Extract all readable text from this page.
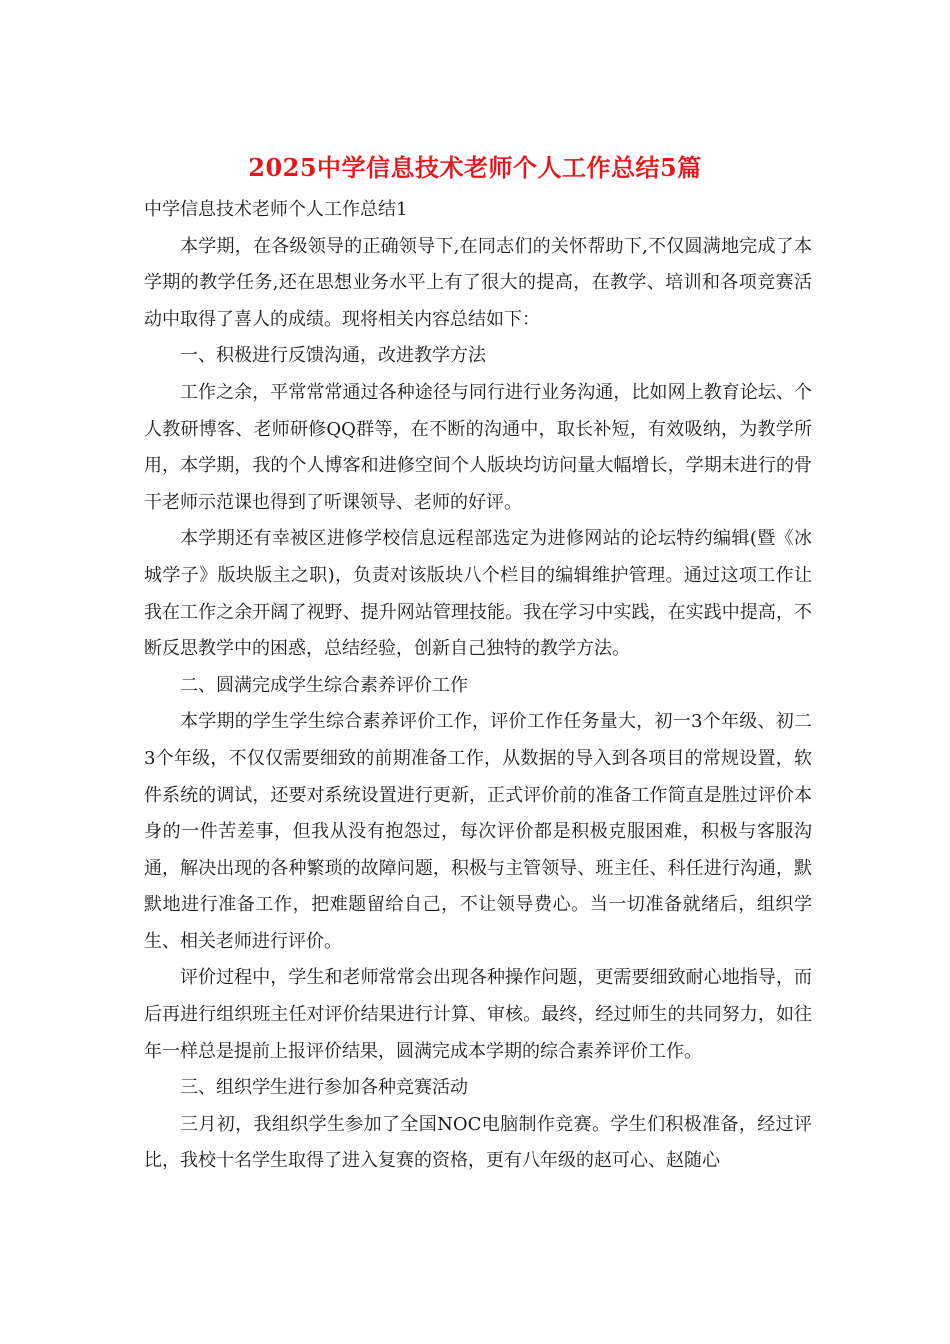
2025中学信息技术老师个人工作总结5篇

中学信息技术老师个人工作总结1

本学期，在各级领导的正确领导下,在同志们的关怀帮助下,不仅圆满地完成了本学期的教学任务,还在思想业务水平上有了很大的提高，在教学、培训和各项竞赛活动中取得了喜人的成绩。现将相关内容总结如下：

一、积极进行反馈沟通，改进教学方法

工作之余，平常常常通过各种途径与同行进行业务沟通，比如网上教育论坛、个人教研博客、老师研修QQ群等，在不断的沟通中，取长补短，有效吸纳，为教学所用，本学期，我的个人博客和进修空间个人版块均访问量大幅增长，学期末进行的骨干老师示范课也得到了听课领导、老师的好评。

本学期还有幸被区进修学校信息远程部选定为进修网站的论坛特约编辑(暨《冰城学子》版块版主之职)，负责对该版块八个栏目的编辑维护管理。通过这项工作让我在工作之余开阔了视野、提升网站管理技能。我在学习中实践，在实践中提高，不断反思教学中的困惑，总结经验，创新自己独特的教学方法。

二、圆满完成学生综合素养评价工作

本学期的学生学生综合素养评价工作，评价工作任务量大，初一3个年级、初二3个年级，不仅仅需要细致的前期准备工作，从数据的导入到各项目的常规设置，软件系统的调试，还要对系统设置进行更新，正式评价前的准备工作简直是胜过评价本身的一件苦差事，但我从没有抱怨过，每次评价都是积极克服困难，积极与客服沟通，解决出现的各种繁琐的故障问题，积极与主管领导、班主任、科任进行沟通，默默地进行准备工作，把难题留给自己，不让领导费心。当一切准备就绪后，组织学生、相关老师进行评价。

评价过程中，学生和老师常常会出现各种操作问题，更需要细致耐心地指导，而后再进行组织班主任对评价结果进行计算、审核。最终，经过师生的共同努力，如往年一样总是提前上报评价结果，圆满完成本学期的综合素养评价工作。

三、组织学生进行参加各种竞赛活动

三月初，我组织学生参加了全国NOC电脑制作竞赛。学生们积极准备，经过评比，我校十名学生取得了进入复赛的资格，更有八年级的赵可心、赵随心
